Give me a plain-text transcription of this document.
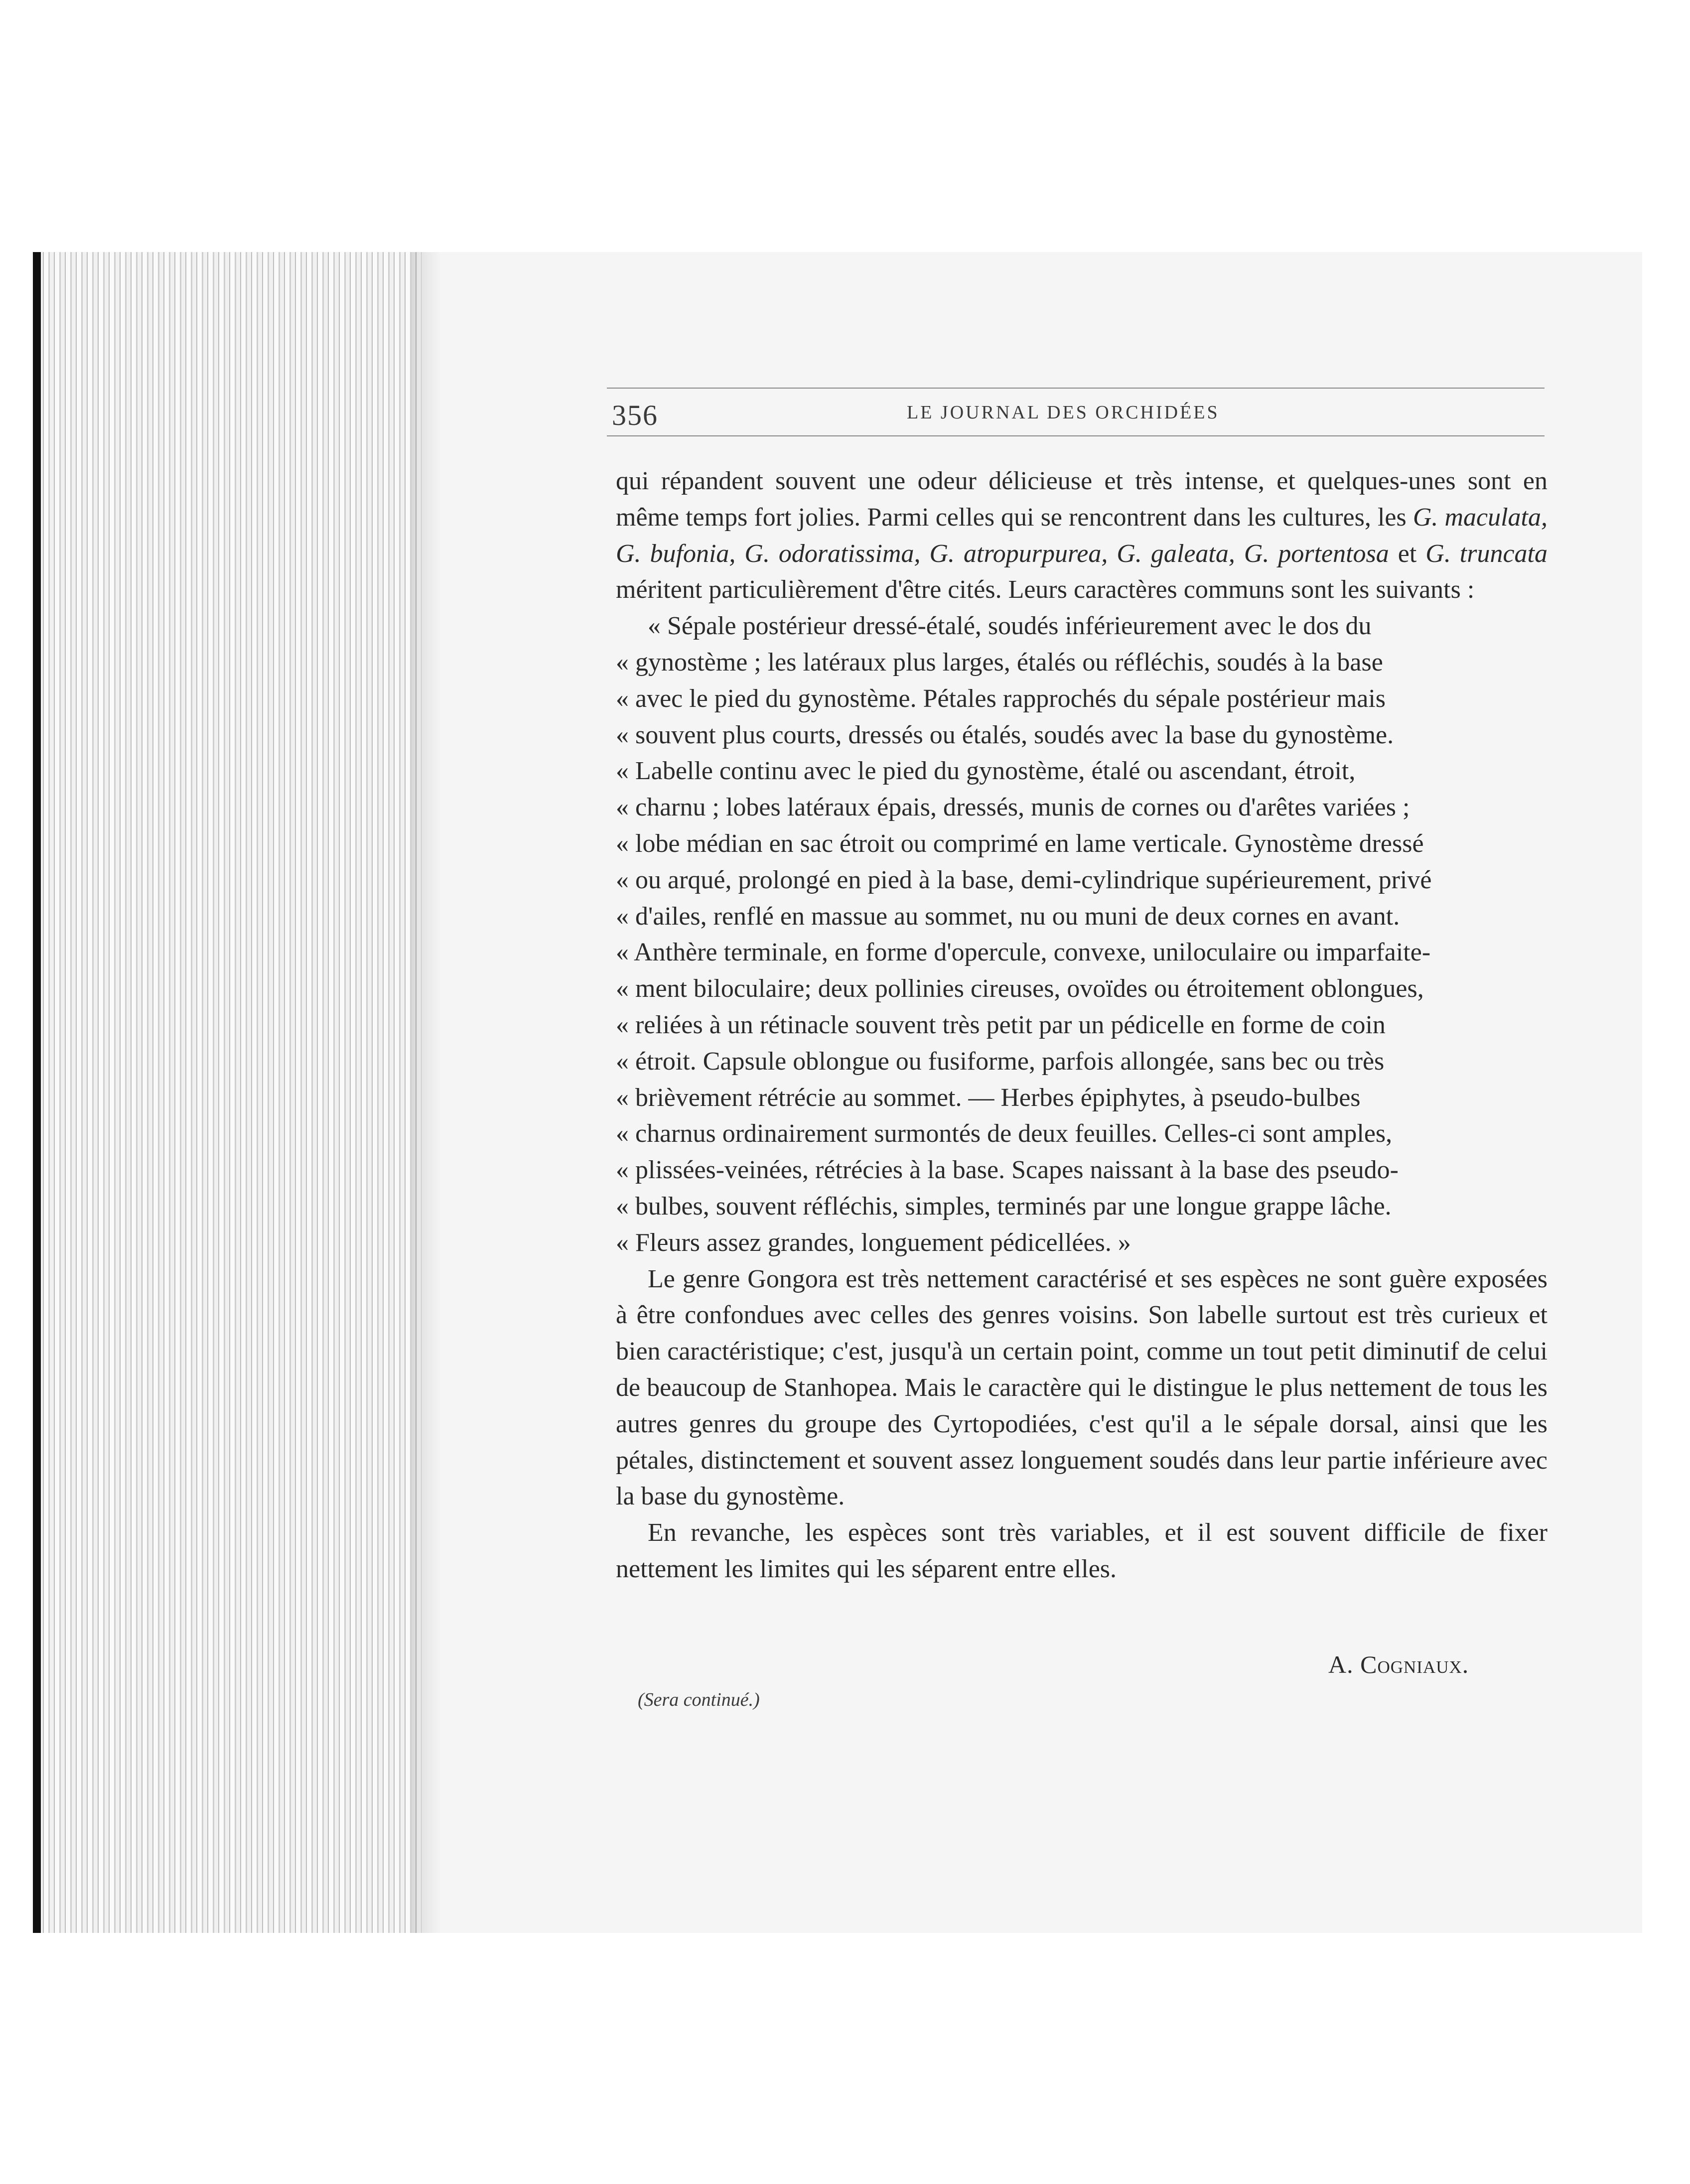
356	LE JOURNAL DES ORCHIDÉES

qui répandent souvent une odeur délicieuse et très intense, et quelques-unes sont en même temps fort jolies. Parmi celles qui se rencontrent dans les cultures, les G. maculata, G. bufonia, G. odoratissima, G. atropurpurea, G. galeata, G. portentosa et G. truncata méritent particulièrement d'être cités. Leurs caractères communs sont les suivants :

« Sépale postérieur dressé-étalé, soudés inférieurement avec le dos du

« gynostème ; les latéraux plus larges, étalés ou réfléchis, soudés à la base

« avec le pied du gynostème. Pétales rapprochés du sépale postérieur mais

« souvent plus courts, dressés ou étalés, soudés avec la base du gynostème.

« Labelle continu avec le pied du gynostème, étalé ou ascendant, étroit,

« charnu ; lobes latéraux épais, dressés, munis de cornes ou d'arêtes variées ;

« lobe médian en sac étroit ou comprimé en lame verticale. Gynostème dressé

« ou arqué, prolongé en pied à la base, demi-cylindrique supérieurement, privé

« d'ailes, renflé en massue au sommet, nu ou muni de deux cornes en avant.

« Anthère terminale, en forme d'opercule, convexe, uniloculaire ou imparfaite-

« ment biloculaire; deux pollinies cireuses, ovoïdes ou étroitement oblongues,

« reliées à un rétinacle souvent très petit par un pédicelle en forme de coin

« étroit. Capsule oblongue ou fusiforme, parfois allongée, sans bec ou très

« brièvement rétrécie au sommet. — Herbes épiphytes, à pseudo-bulbes

« charnus ordinairement surmontés de deux feuilles. Celles-ci sont amples,

« plissées-veinées, rétrécies à la base. Scapes naissant à la base des pseudo-

« bulbes, souvent réfléchis, simples, terminés par une longue grappe lâche.

« Fleurs assez grandes, longuement pédicellées. »

Le genre Gongora est très nettement caractérisé et ses espèces ne sont guère exposées à être confondues avec celles des genres voisins. Son labelle surtout est très curieux et bien caractéristique; c'est, jusqu'à un certain point, comme un tout petit diminutif de celui de beaucoup de Stanhopea. Mais le caractère qui le distingue le plus nettement de tous les autres genres du groupe des Cyrtopodiées, c'est qu'il a le sépale dorsal, ainsi que les pétales, distinctement et souvent assez longuement soudés dans leur partie inférieure avec la base du gynostème.

En revanche, les espèces sont très variables, et il est souvent difficile de fixer nettement les limites qui les séparent entre elles.

A. Cogniaux.
(Sera continué.)
